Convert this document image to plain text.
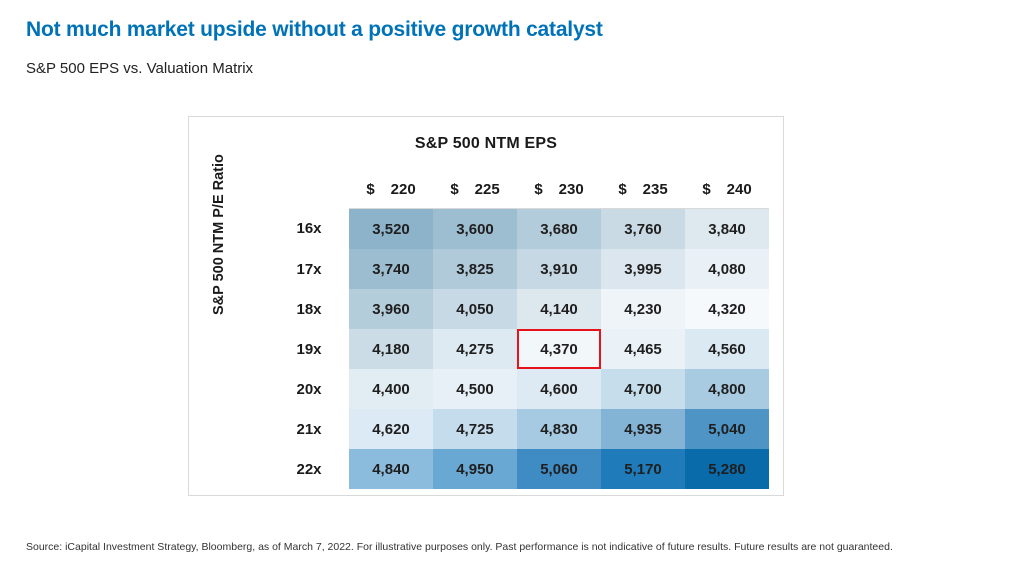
Not much market upside without a positive growth catalyst
S&P 500 EPS vs. Valuation Matrix
S&P 500 NTM EPS
S&P 500 NTM P/E Ratio
		$ 220	$ 225	$ 230	$ 235	$ 240
16x	3,520	3,600	3,680	3,760	3,840
17x	3,740	3,825	3,910	3,995	4,080
18x	3,960	4,050	4,140	4,230	4,320
19x	4,180	4,275	4,370	4,465	4,560
20x	4,400	4,500	4,600	4,700	4,800
21x	4,620	4,725	4,830	4,935	5,040
22x	4,840	4,950	5,060	5,170	5,280
Source: iCapital Investment Strategy, Bloomberg, as of March 7, 2022. For illustrative purposes only. Past performance is not indicative of future results. Future results are not guaranteed.
